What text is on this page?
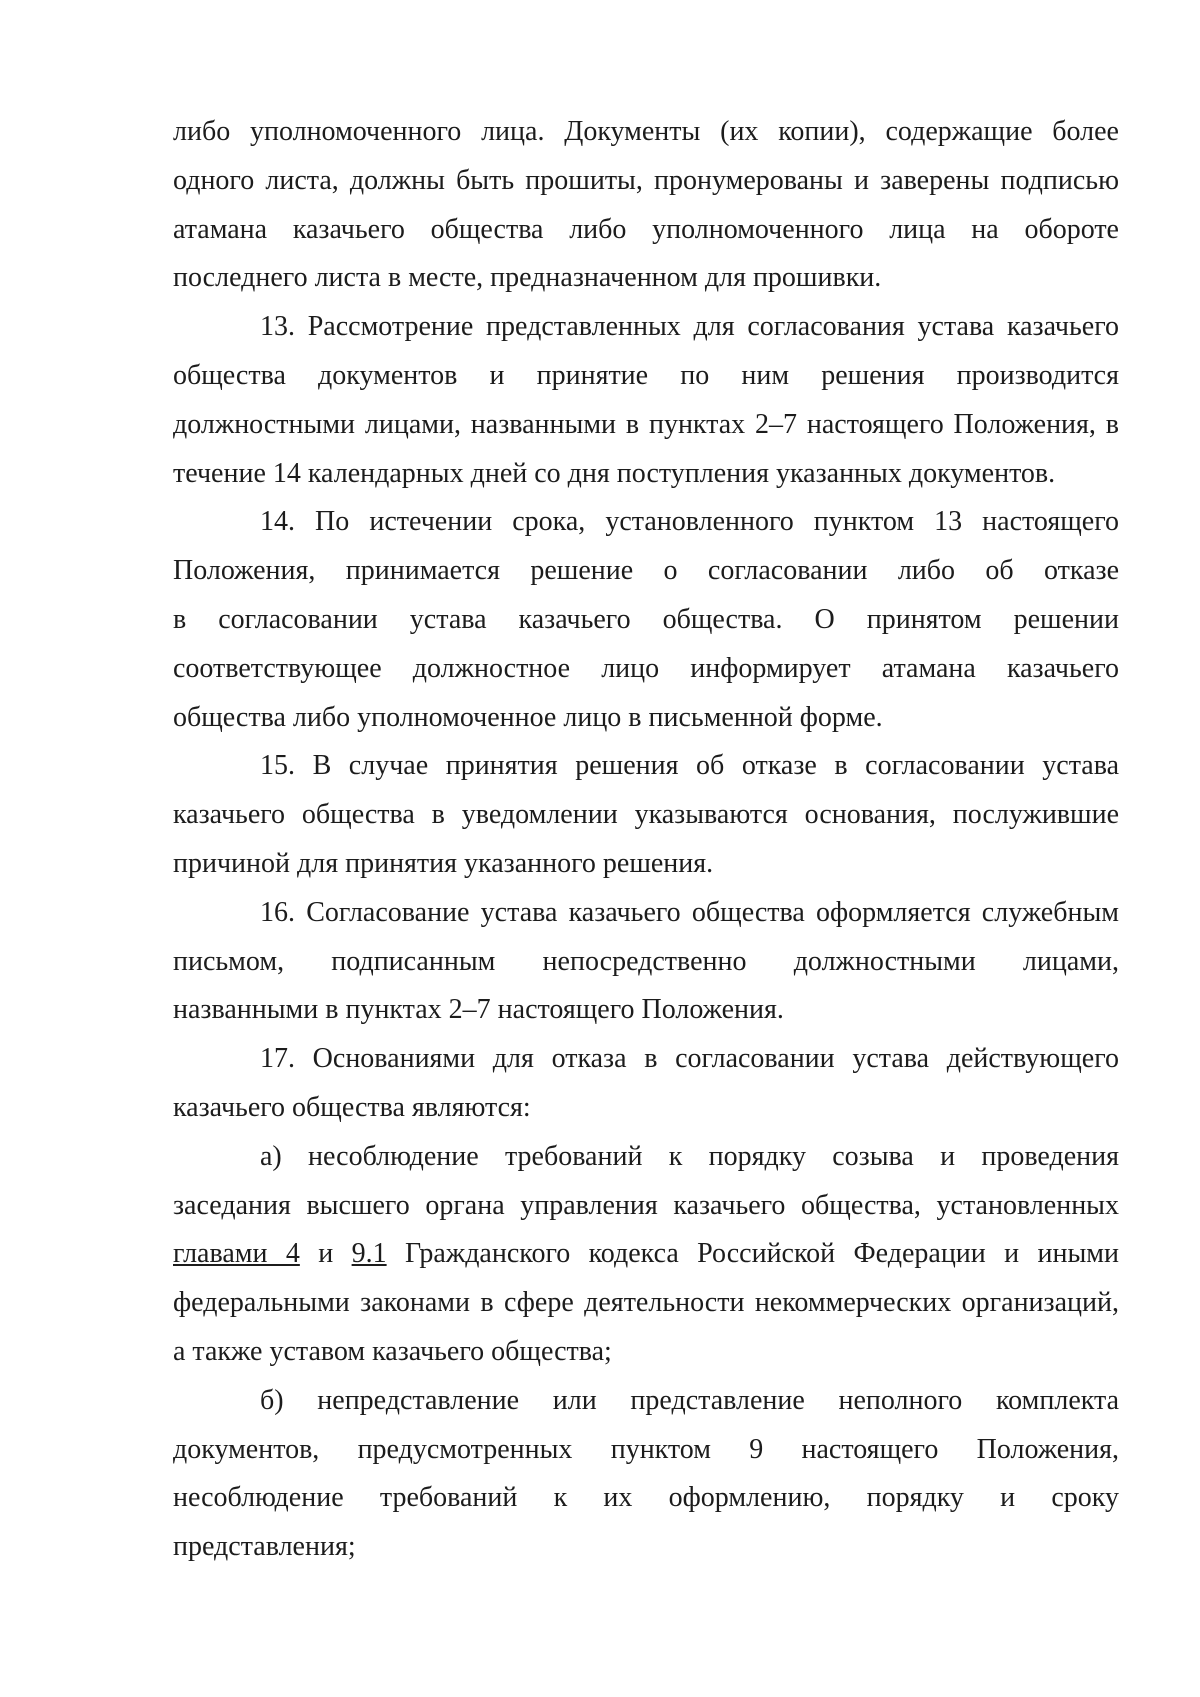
либо уполномоченного лица. Документы (их копии), содержащие более
одного листа, должны быть прошиты, пронумерованы и заверены подписью
атамана казачьего общества либо уполномоченного лица на обороте
последнего листа в месте, предназначенном для прошивки.
13. Рассмотрение представленных для согласования устава казачьего
общества документов и принятие по ним решения производится
должностными лицами, названными в пунктах 2–7 настоящего Положения, в
течение 14 календарных дней со дня поступления указанных документов.
14. По истечении срока, установленного пунктом 13 настоящего
Положения, принимается решение о согласовании либо об отказе
в согласовании устава казачьего общества. О принятом решении
соответствующее должностное лицо информирует атамана казачьего
общества либо уполномоченное лицо в письменной форме.
15. В случае принятия решения об отказе в согласовании устава
казачьего общества в уведомлении указываются основания, послужившие
причиной для принятия указанного решения.
16. Согласование устава казачьего общества оформляется служебным
письмом, подписанным непосредственно должностными лицами,
названными в пунктах 2–7 настоящего Положения.
17. Основаниями для отказа в согласовании устава действующего
казачьего общества являются:
а) несоблюдение требований к порядку созыва и проведения
заседания высшего органа управления казачьего общества, установленных
главами 4 и 9.1 Гражданского кодекса Российской Федерации и иными
федеральными законами в сфере деятельности некоммерческих организаций,
а также уставом казачьего общества;
б) непредставление или представление неполного комплекта
документов, предусмотренных пунктом 9 настоящего Положения,
несоблюдение требований к их оформлению, порядку и сроку
представления;
